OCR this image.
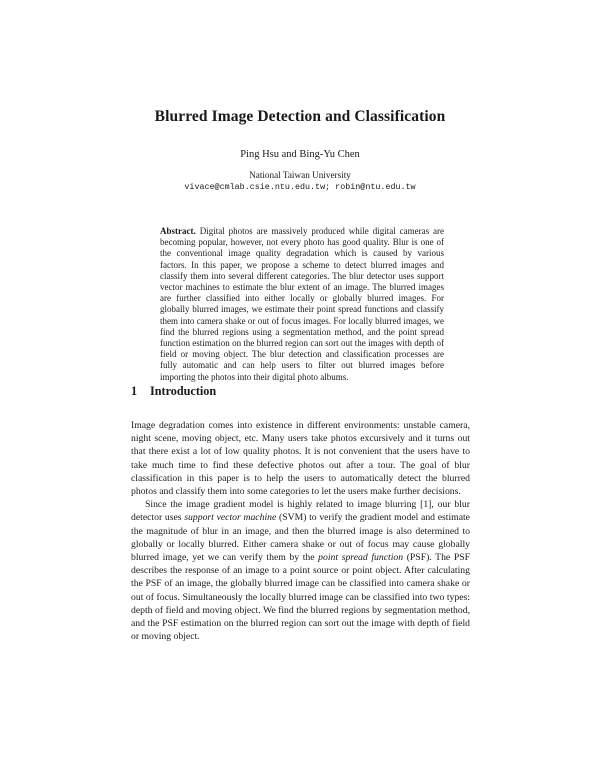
Blurred Image Detection and Classification
Ping Hsu and Bing-Yu Chen
National Taiwan University
vivace@cmlab.csie.ntu.edu.tw; robin@ntu.edu.tw
Abstract. Digital photos are massively produced while digital cameras are becoming popular, however, not every photo has good quality. Blur is one of the conventional image quality degradation which is caused by various factors. In this paper, we propose a scheme to detect blurred images and classify them into several different categories. The blur detector uses support vector machines to estimate the blur extent of an image. The blurred images are further classified into either locally or globally blurred images. For globally blurred images, we estimate their point spread functions and classify them into camera shake or out of focus images. For locally blurred images, we find the blurred regions using a segmentation method, and the point spread function estimation on the blurred region can sort out the images with depth of field or moving object. The blur detection and classification processes are fully automatic and can help users to filter out blurred images before importing the photos into their digital photo albums.
1 Introduction

Image degradation comes into existence in different environments: unstable camera, night scene, moving object, etc. Many users take photos excursively and it turns out that there exist a lot of low quality photos. It is not convenient that the users have to take much time to find these defective photos out after a tour. The goal of blur classification in this paper is to help the users to automatically detect the blurred photos and classify them into some categories to let the users make further decisions.

Since the image gradient model is highly related to image blurring [1], our blur detector uses support vector machine (SVM) to verify the gradient model and estimate the magnitude of blur in an image, and then the blurred image is also determined to globally or locally blurred. Either camera shake or out of focus may cause globally blurred image, yet we can verify them by the point spread function (PSF). The PSF describes the response of an image to a point source or point object. After calculating the PSF of an image, the globally blurred image can be classified into camera shake or out of focus. Simultaneously the locally blurred image can be classified into two types: depth of field and moving object. We find the blurred regions by segmentation method, and the PSF estimation on the blurred region can sort out the image with depth of field or moving object.
